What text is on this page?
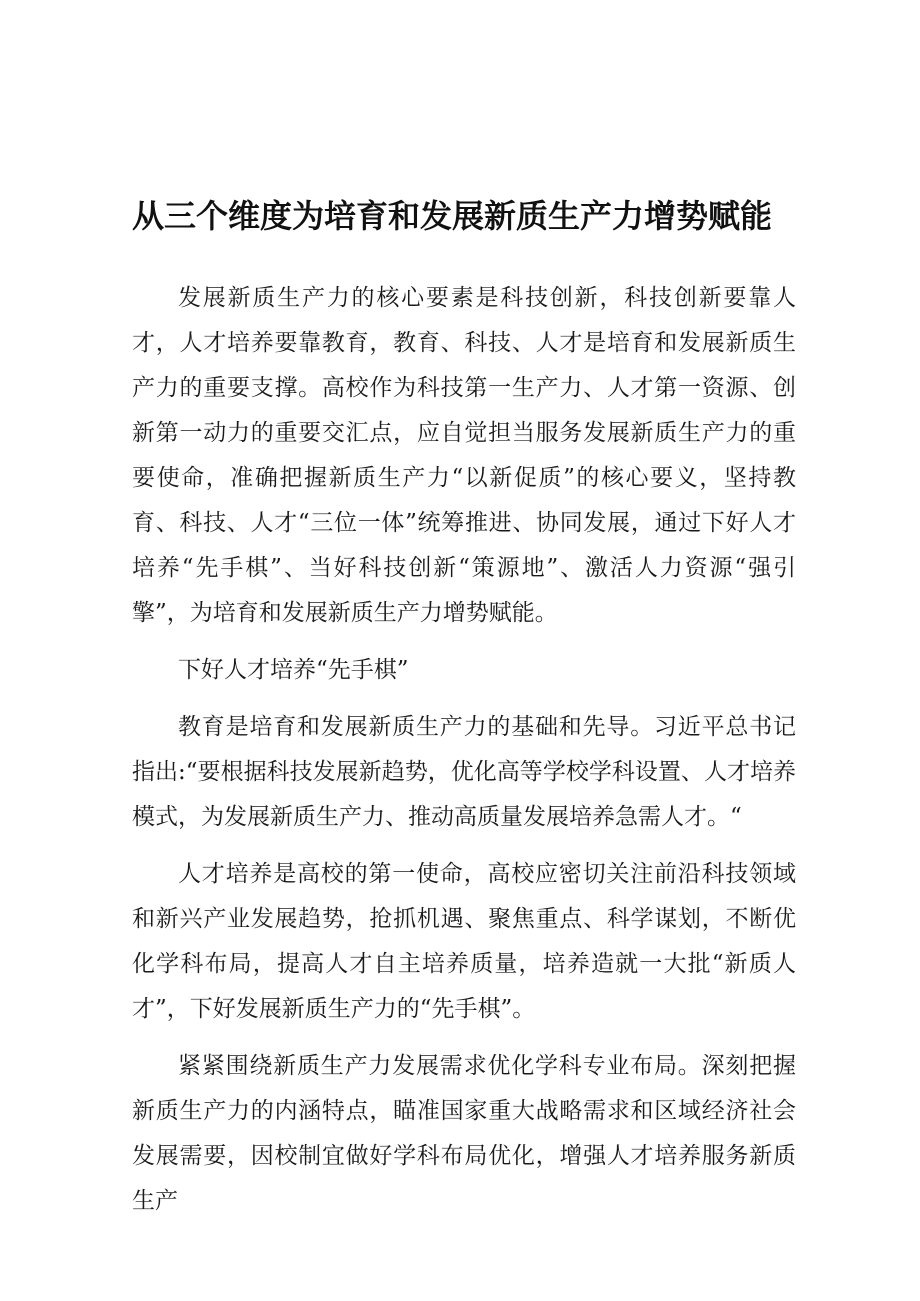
从三个维度为培育和发展新质生产力增势赋能

发展新质生产力的核心要素是科技创新，科技创新要靠人才，人才培养要靠教育，教育、科技、人才是培育和发展新质生产力的重要支撑。高校作为科技第一生产力、人才第一资源、创新第一动力的重要交汇点，应自觉担当服务发展新质生产力的重要使命，准确把握新质生产力“以新促质”的核心要义，坚持教育、科技、人才“三位一体”统筹推进、协同发展，通过下好人才培养“先手棋”、当好科技创新“策源地”、激活人力资源“强引擎”，为培育和发展新质生产力增势赋能。

下好人才培养“先手棋”

教育是培育和发展新质生产力的基础和先导。习近平总书记指出:“要根据科技发展新趋势，优化高等学校学科设置、人才培养模式，为发展新质生产力、推动高质量发展培养急需人才。“

人才培养是高校的第一使命，高校应密切关注前沿科技领域和新兴产业发展趋势，抢抓机遇、聚焦重点、科学谋划，不断优化学科布局，提高人才自主培养质量，培养造就一大批“新质人才”，下好发展新质生产力的“先手棋”。

紧紧围绕新质生产力发展需求优化学科专业布局。深刻把握新质生产力的内涵特点，瞄准国家重大战略需求和区域经济社会发展需要，因校制宜做好学科布局优化，增强人才培养服务新质生产
